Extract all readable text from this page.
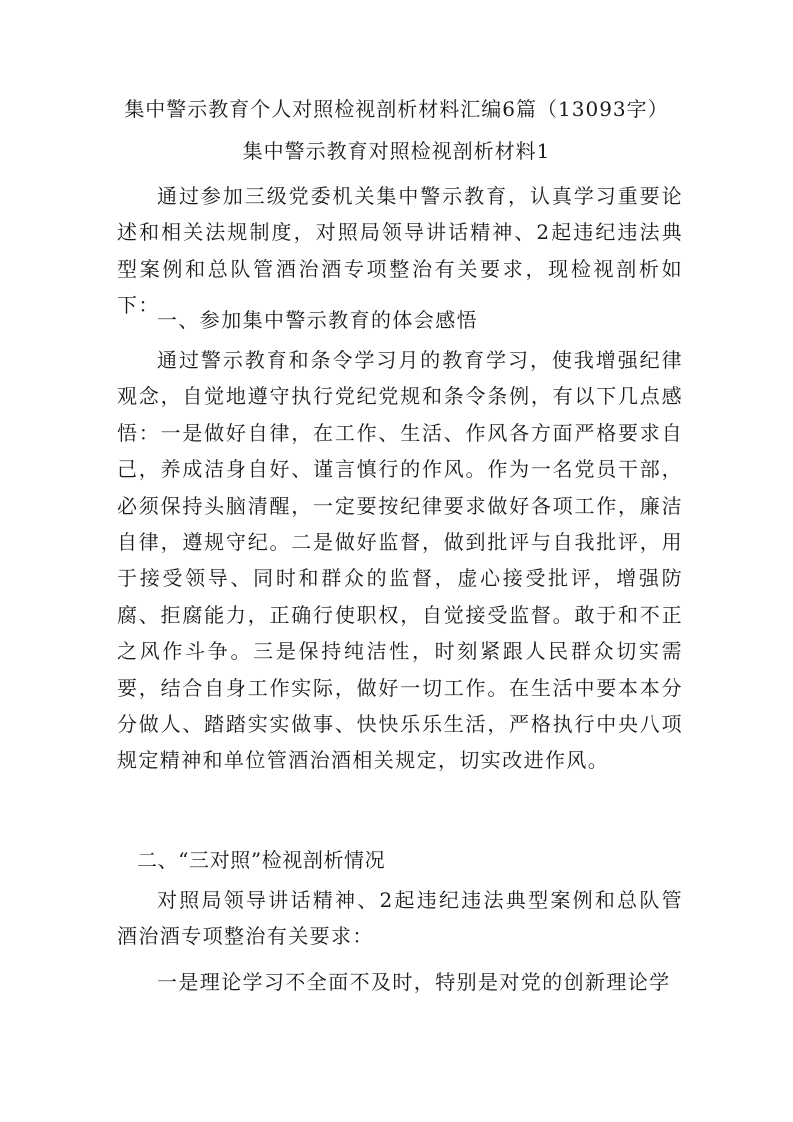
集中警示教育个人对照检视剖析材料汇编6篇（13093字）
集中警示教育对照检视剖析材料1

通过参加三级党委机关集中警示教育，认真学习重要论述和相关法规制度，对照局领导讲话精神、2起违纪违法典型案例和总队管酒治酒专项整治有关要求，现检视剖析如下：

一、参加集中警示教育的体会感悟

通过警示教育和条令学习月的教育学习，使我增强纪律观念，自觉地遵守执行党纪党规和条令条例，有以下几点感悟：一是做好自律，在工作、生活、作风各方面严格要求自己，养成洁身自好、谨言慎行的作风。作为一名党员干部，必须保持头脑清醒，一定要按纪律要求做好各项工作，廉洁自律，遵规守纪。二是做好监督，做到批评与自我批评，用于接受领导、同时和群众的监督，虚心接受批评，增强防腐、拒腐能力，正确行使职权，自觉接受监督。敢于和不正之风作斗争。三是保持纯洁性，时刻紧跟人民群众切实需要，结合自身工作实际，做好一切工作。在生活中要本本分分做人、踏踏实实做事、快快乐乐生活，严格执行中央八项规定精神和单位管酒治酒相关规定，切实改进作风。

二、“三对照”检视剖析情况

对照局领导讲话精神、2起违纪违法典型案例和总队管酒治酒专项整治有关要求：

一是理论学习不全面不及时，特别是对党的创新理论学
